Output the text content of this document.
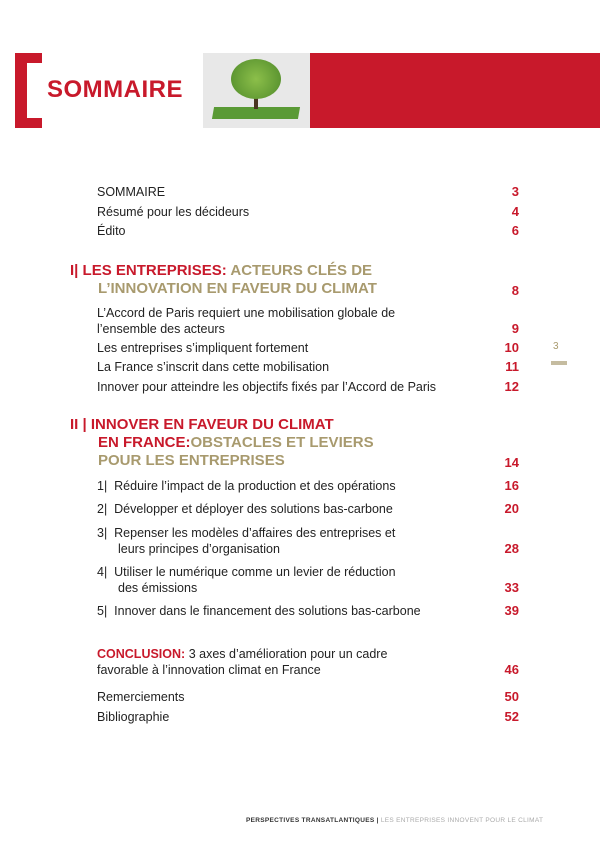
SOMMAIRE
SOMMAIRE	3
Résumé pour les décideurs	4
Édito	6
I| LES ENTREPRISES: ACTEURS CLÉS DE
L’INNOVATION EN FAVEUR DU CLIMAT	8
L’Accord de Paris requiert une mobilisation globale de
l’ensemble des acteurs	9
Les entreprises s’impliquent fortement	10
La France s’inscrit dans cette mobilisation	11
Innover pour atteindre les objectifs fixés par l’Accord de Paris	12
II | INNOVER EN FAVEUR DU CLIMAT
EN FRANCE:OBSTACLES ET LEVIERS
POUR LES ENTREPRISES	14
1| Réduire l’impact de la production et des opérations	16
2| Développer et déployer des solutions bas-carbone	20
3| Repenser les modèles d’affaires des entreprises et
leurs principes d’organisation	28
4| Utiliser le numérique comme un levier de réduction
des émissions	33
5| Innover dans le financement des solutions bas-carbone	39
CONCLUSION: 3 axes d’amélioration pour un cadre
favorable à l’innovation climat en France	46
Remerciements	50
Bibliographie	52
3
PERSPECTIVES TRANSATLANTIQUES | LES ENTREPRISES INNOVENT POUR LE CLIMAT
